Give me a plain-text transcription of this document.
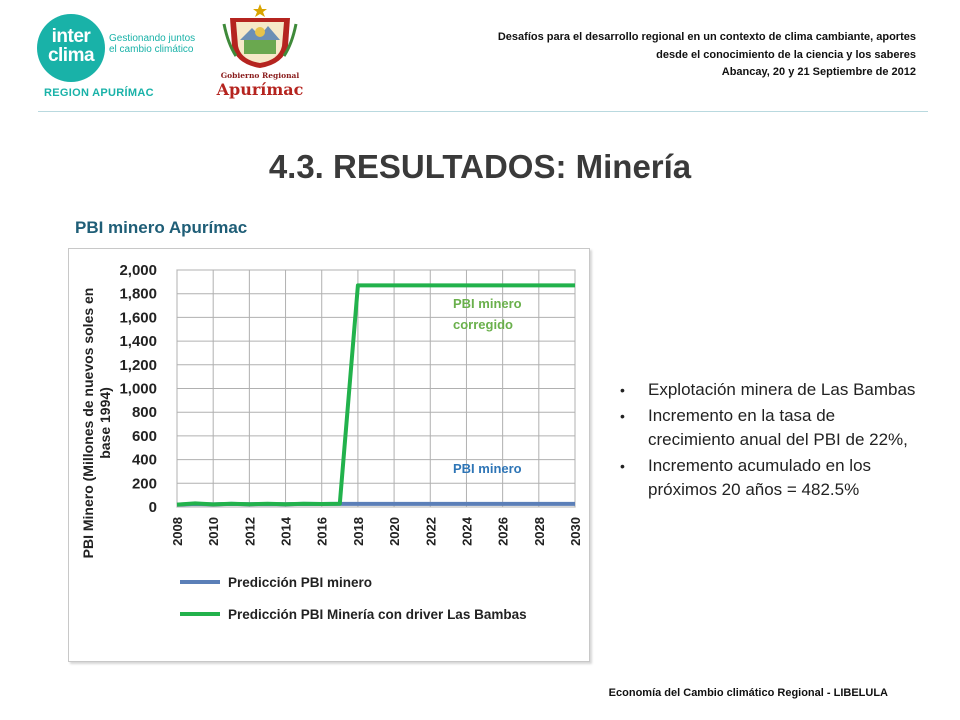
inter
clima
Gestionando juntos
el cambio climático
REGION APURÍMAC
Gobierno Regional
Apurímac
Desafíos para el desarrollo regional en un contexto de clima cambiante, aportes
desde el conocimiento de la ciencia y los saberes
Abancay, 20 y 21 Septiembre de 2012
4.3. RESULTADOS: Minería
PBI minero Apurímac
0
200
400
600
800
1,000
1,200
1,400
1,600
1,800
2,000
2008 2010 2012 2014 2016 2018 2020 2022 2024 2026 2028 2030
PBI Minero (Millones de nuevos soles en base 1994)
PBI minero
corregido
PBI minero
Predicción PBI minero
Predicción PBI Minería con driver Las Bambas
• Explotación minera de Las Bambas
• Incremento en la tasa de crecimiento anual del PBI de 22%,
• Incremento acumulado en los próximos 20 años = 482.5%
Economía del Cambio climático Regional - LIBELULA
